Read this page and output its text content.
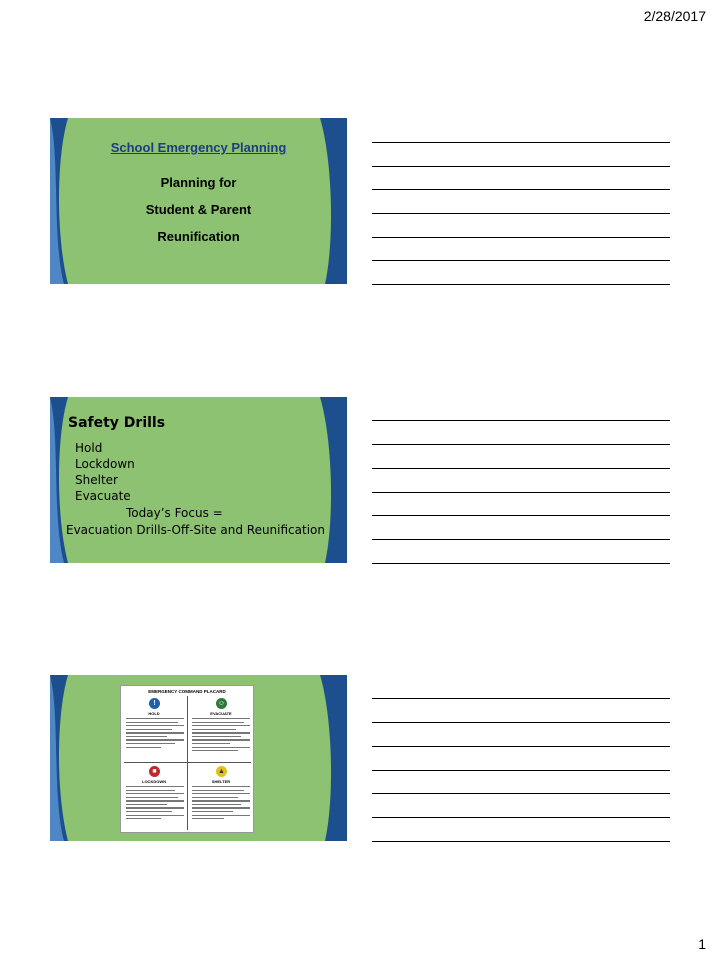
2/28/2017
School Emergency Planning
Planning for
Student & Parent
Reunification
Safety Drills
Hold
Lockdown
Shelter
Evacuate
Today’s Focus =
Evacuation Drills-Off-Site and Reunification
EMERGENCY COMMAND PLACARD
!
HOLD
☺
EVACUATE
■
LOCKDOWN
▲
SHELTER
1
